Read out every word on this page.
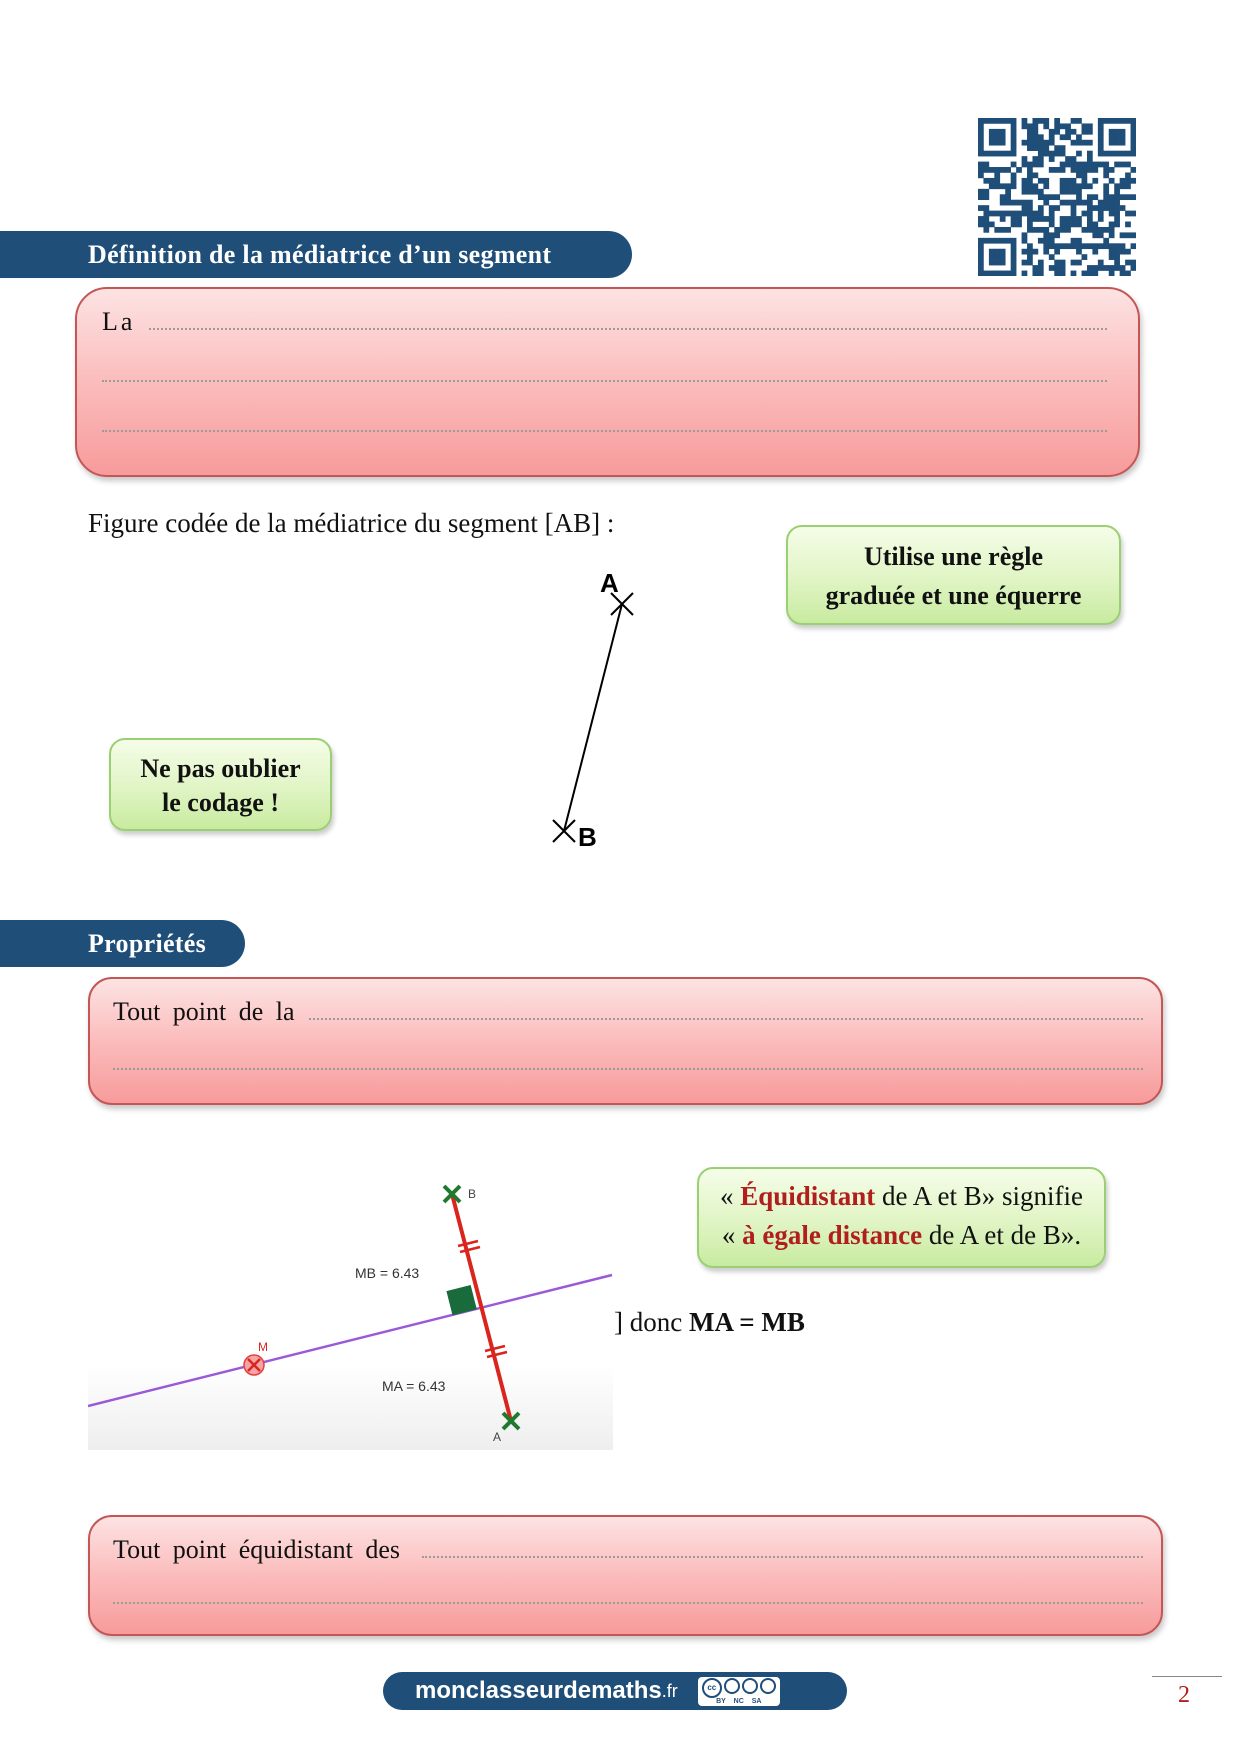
Définition de la médiatrice d’un segment
La
Figure codée de la médiatrice du segment [AB] :
Utilise une règle
graduée et une équerre
A
B
Ne pas oublier
le codage !
Propriétés
Tout point de la
B
A
M
MB = 6.43
MA = 6.43
« Équidistant de A et B» signifie
« à égale distance de A et de B».
] donc MA = MB
Tout point équidistant des
monclasseurdemaths .fr	cc
BY NC SA	2
